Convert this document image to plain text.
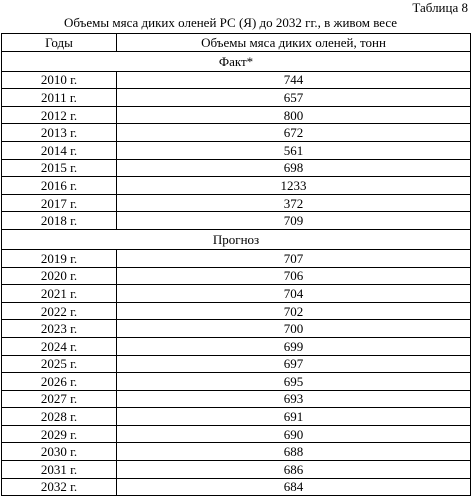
Таблица 8
Объемы мяса диких оленей РС (Я) до 2032 гг., в живом весе
Годы	Объемы мяса диких оленей, тонн
Факт*	
2010 г.	744
2011 г.	657
2012 г.	800
2013 г.	672
2014 г.	561
2015 г.	698
2016 г.	1233
2017 г.	372
2018 г.	709
Прогноз	
2019 г.	707
2020 г.	706
2021 г.	704
2022 г.	702
2023 г.	700
2024 г.	699
2025 г.	697
2026 г.	695
2027 г.	693
2028 г.	691
2029 г.	690
2030 г.	688
2031 г.	686
2032 г.	684
